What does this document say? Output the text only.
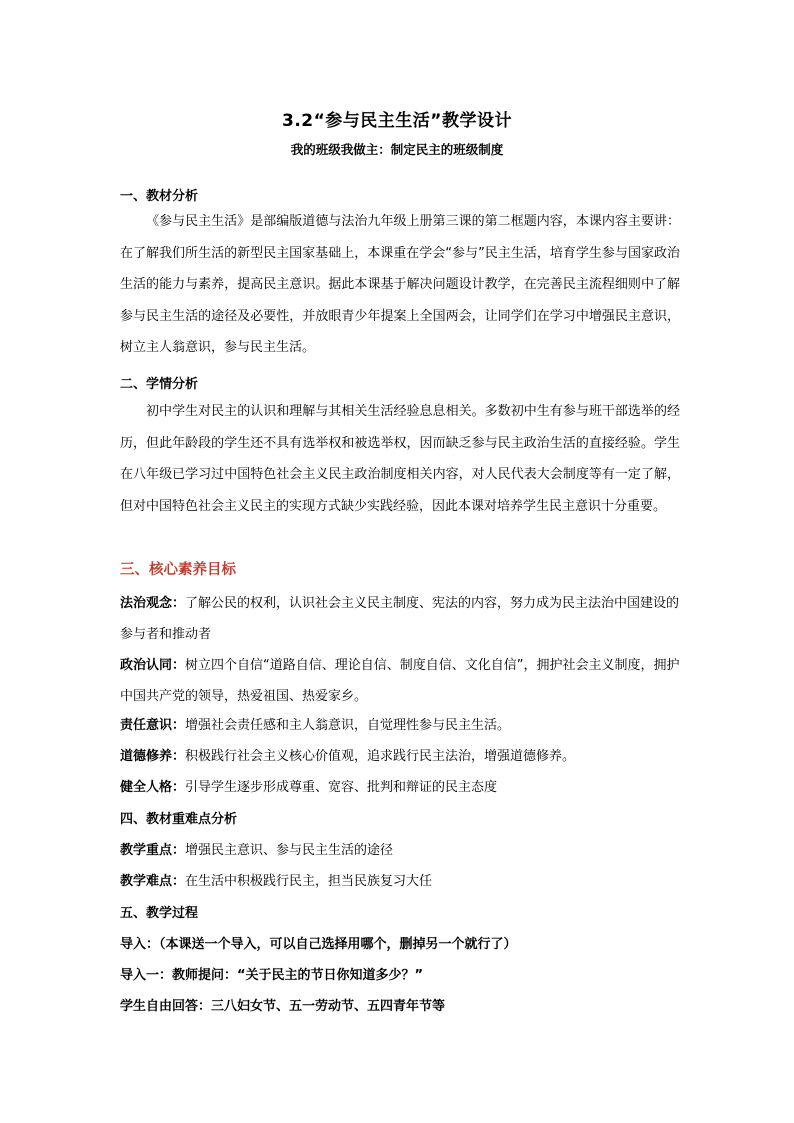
3.2“参与民主生活”教学设计
我的班级我做主：制定民主的班级制度
一、教材分析
《参与民主生活》是部编版道德与法治九年级上册第三课的第二框题内容，本课内容主要讲：在了解我们所生活的新型民主国家基础上，本课重在学会“参与”民主生活，培育学生参与国家政治生活的能力与素养，提高民主意识。据此本课基于解决问题设计教学，在完善民主流程细则中了解参与民主生活的途径及必要性，并放眼青少年提案上全国两会，让同学们在学习中增强民主意识，树立主人翁意识，参与民主生活。
二、学情分析
初中学生对民主的认识和理解与其相关生活经验息息相关。多数初中生有参与班干部选举的经历，但此年龄段的学生还不具有选举权和被选举权，因而缺乏参与民主政治生活的直接经验。学生在八年级已学习过中国特色社会主义民主政治制度相关内容，对人民代表大会制度等有一定了解，但对中国特色社会主义民主的实现方式缺少实践经验，因此本课对培养学生民主意识十分重要。
三、核心素养目标
法治观念：了解公民的权利，认识社会主义民主制度、宪法的内容，努力成为民主法治中国建设的参与者和推动者
政治认同：树立四个自信“道路自信、理论自信、制度自信、文化自信”，拥护社会主义制度，拥护中国共产党的领导，热爱祖国、热爱家乡。
责任意识：增强社会责任感和主人翁意识，自觉理性参与民主生活。
道德修养：积极践行社会主义核心价值观，追求践行民主法治，增强道德修养。
健全人格：引导学生逐步形成尊重、宽容、批判和辩证的民主态度
四、教材重难点分析
教学重点：增强民主意识、参与民主生活的途径
教学难点：在生活中积极践行民主，担当民族复习大任
五、教学过程
导入：（本课送一个导入，可以自己选择用哪个，删掉另一个就行了）
导入一：教师提问：“关于民主的节日你知道多少？”
学生自由回答：三八妇女节、五一劳动节、五四青年节等
